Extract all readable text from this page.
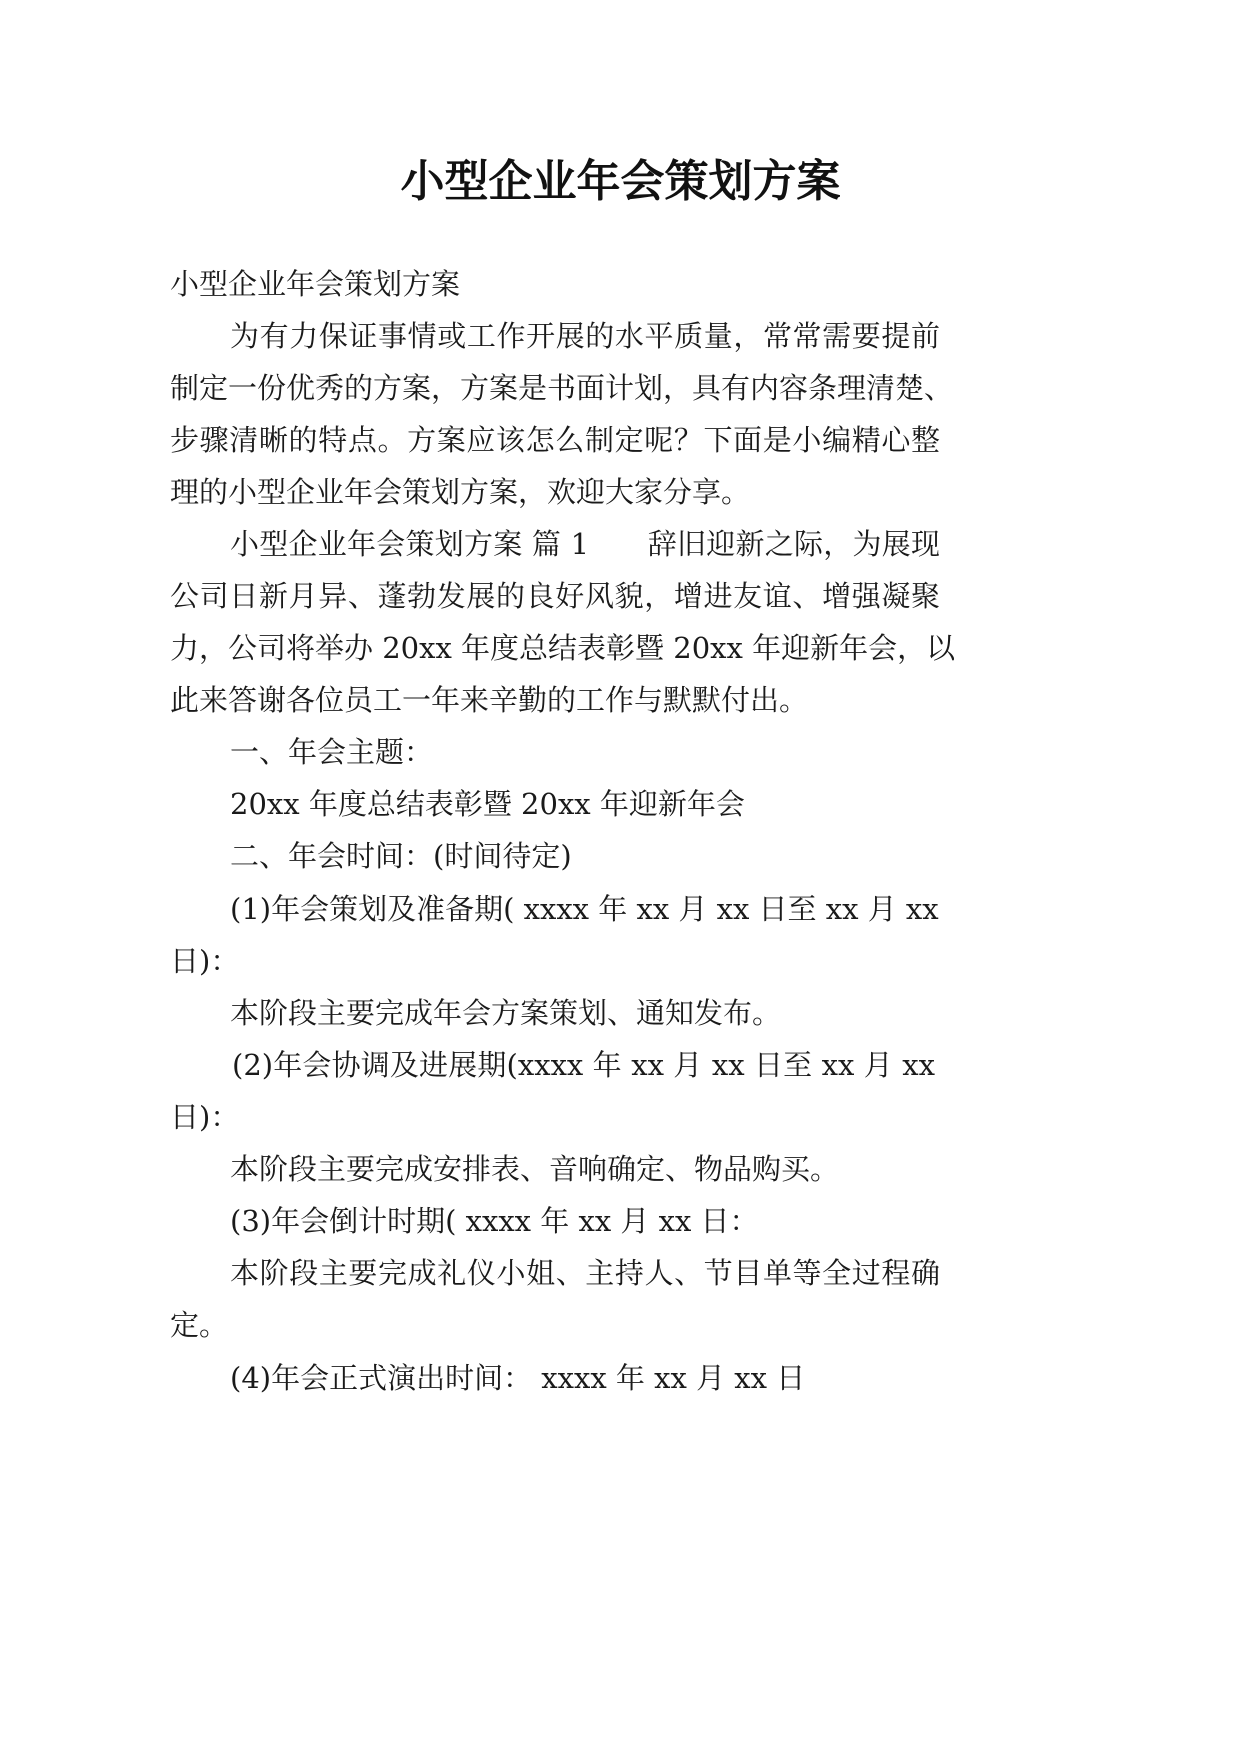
小型企业年会策划方案
小型企业年会策划方案
为有力保证事情或工作开展的水平质量，常常需要提前
制定一份优秀的方案，方案是书面计划，具有内容条理清楚、
步骤清晰的特点。方案应该怎么制定呢？下面是小编精心整
理的小型企业年会策划方案，欢迎大家分享。
小型企业年会策划方案 篇 1　　辞旧迎新之际，为展现
公司日新月异、蓬勃发展的良好风貌，增进友谊、增强凝聚
力，公司将举办 20xx 年度总结表彰暨 20xx 年迎新年会，以
此来答谢各位员工一年来辛勤的工作与默默付出。
一、年会主题：
20xx 年度总结表彰暨 20xx 年迎新年会
二、年会时间：(时间待定)
(1)年会策划及准备期( xxxx 年 xx 月 xx 日至 xx 月 xx
日)：
本阶段主要完成年会方案策划、通知发布。
(2)年会协调及进展期(xxxx 年 xx 月 xx 日至 xx 月 xx
日)：
本阶段主要完成安排表、音响确定、物品购买。
(3)年会倒计时期( xxxx 年 xx 月 xx 日：
本阶段主要完成礼仪小姐、主持人、节目单等全过程确
定。
(4)年会正式演出时间： xxxx 年 xx 月 xx 日
